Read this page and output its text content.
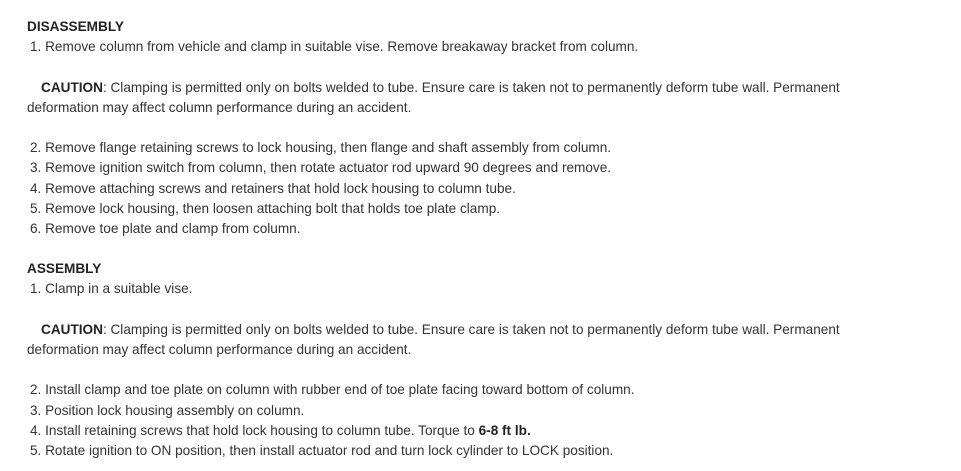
DISASSEMBLY
1. Remove column from vehicle and clamp in suitable vise. Remove breakaway bracket from column.
CAUTION: Clamping is permitted only on bolts welded to tube. Ensure care is taken not to permanently deform tube wall. Permanent deformation may affect column performance during an accident.
2. Remove flange retaining screws to lock housing, then flange and shaft assembly from column.
3. Remove ignition switch from column, then rotate actuator rod upward 90 degrees and remove.
4. Remove attaching screws and retainers that hold lock housing to column tube.
5. Remove lock housing, then loosen attaching bolt that holds toe plate clamp.
6. Remove toe plate and clamp from column.
ASSEMBLY
1. Clamp in a suitable vise.
CAUTION: Clamping is permitted only on bolts welded to tube. Ensure care is taken not to permanently deform tube wall. Permanent deformation may affect column performance during an accident.
2. Install clamp and toe plate on column with rubber end of toe plate facing toward bottom of column.
3. Position lock housing assembly on column.
4. Install retaining screws that hold lock housing to column tube. Torque to 6-8 ft lb.
5. Rotate ignition to ON position, then install actuator rod and turn lock cylinder to LOCK position.
